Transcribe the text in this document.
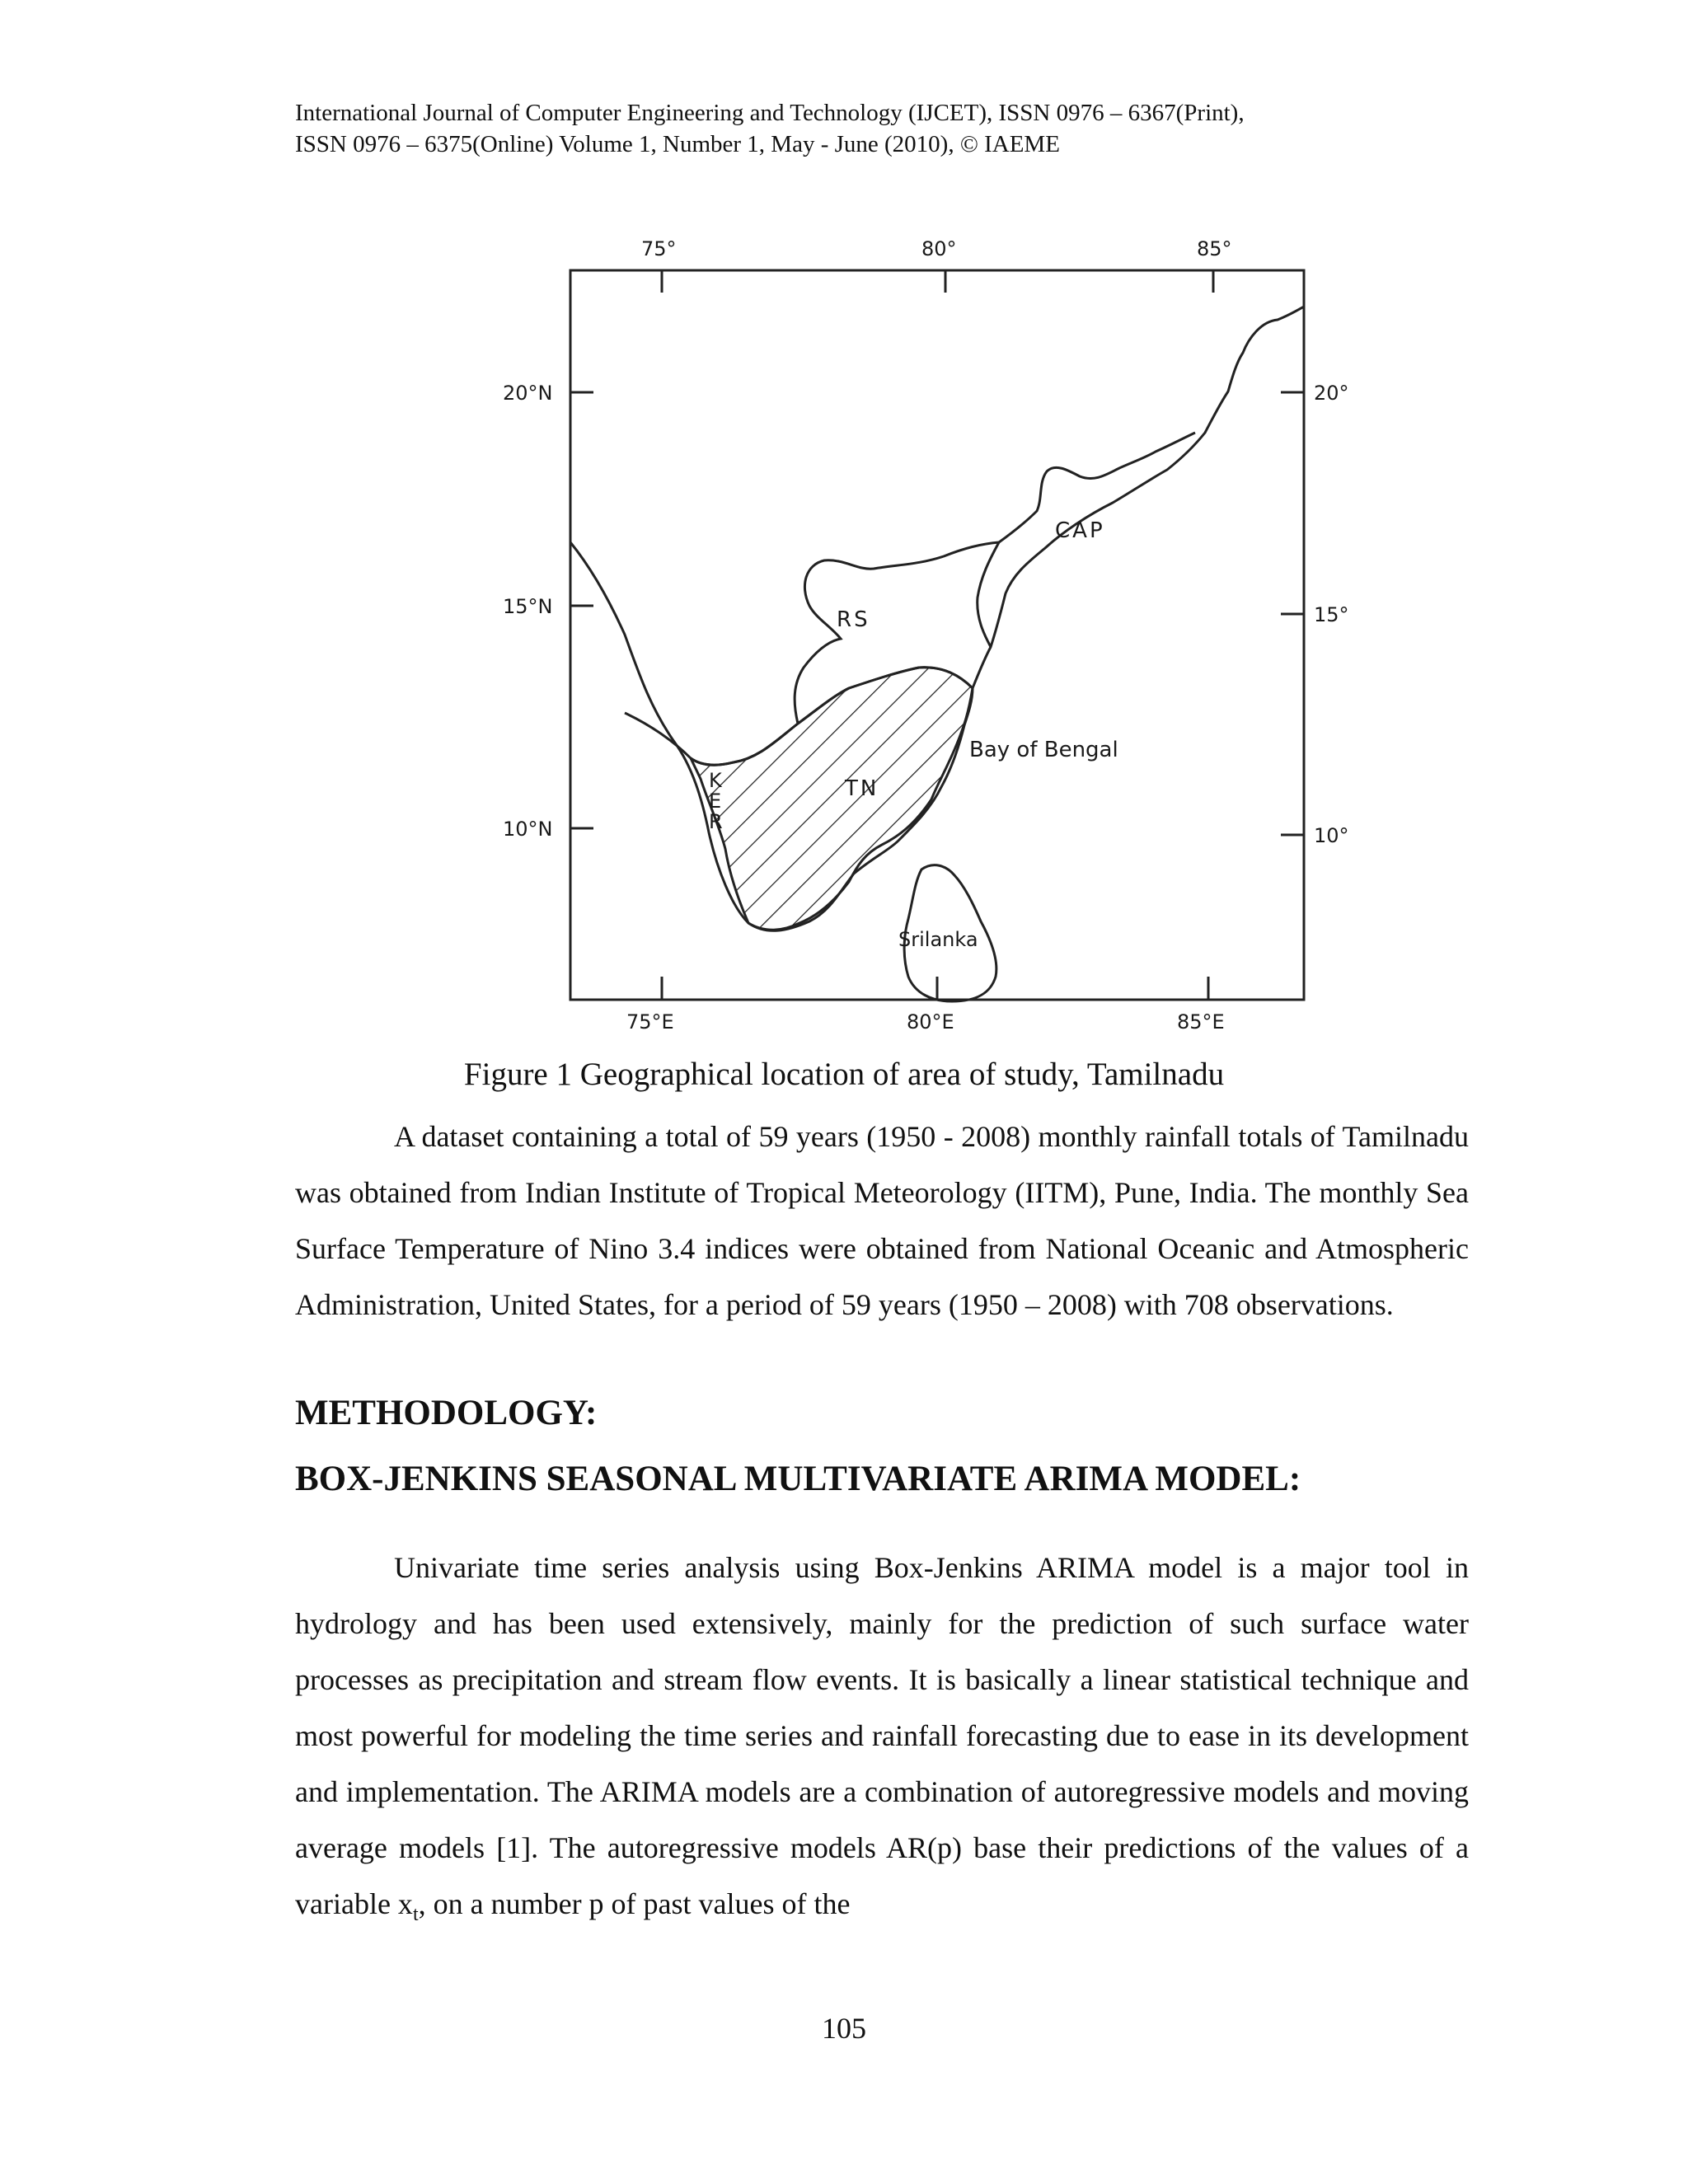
International Journal of Computer Engineering and Technology (IJCET), ISSN 0976 – 6367(Print),
ISSN 0976 – 6375(Online) Volume 1, Number 1, May - June (2010), © IAEME
75°	80°	85°
75°E	80°E	85°E
20°N
15°N
10°N
20°
15°
10°
CAP
RS
TN
K
E
R
Bay of Bengal
Srilanka
Figure 1 Geographical location of area of study, Tamilnadu

A dataset containing a total of 59 years (1950 - 2008) monthly rainfall totals of Tamilnadu was obtained from Indian Institute of Tropical Meteorology (IITM), Pune, India. The monthly Sea Surface Temperature of Nino 3.4 indices were obtained from National Oceanic and Atmospheric Administration, United States, for a period of 59 years (1950 – 2008) with 708 observations.

METHODOLOGY:
BOX-JENKINS SEASONAL MULTIVARIATE ARIMA MODEL:

Univariate time series analysis using Box-Jenkins ARIMA model is a major tool in hydrology and has been used extensively, mainly for the prediction of such surface water processes as precipitation and stream flow events. It is basically a linear statistical technique and most powerful for modeling the time series and rainfall forecasting due to ease in its development and implementation. The ARIMA models are a combination of autoregressive models and moving average models [1]. The autoregressive models AR(p) base their predictions of the values of a variable $x_t$, on a number p of past values of the

105
